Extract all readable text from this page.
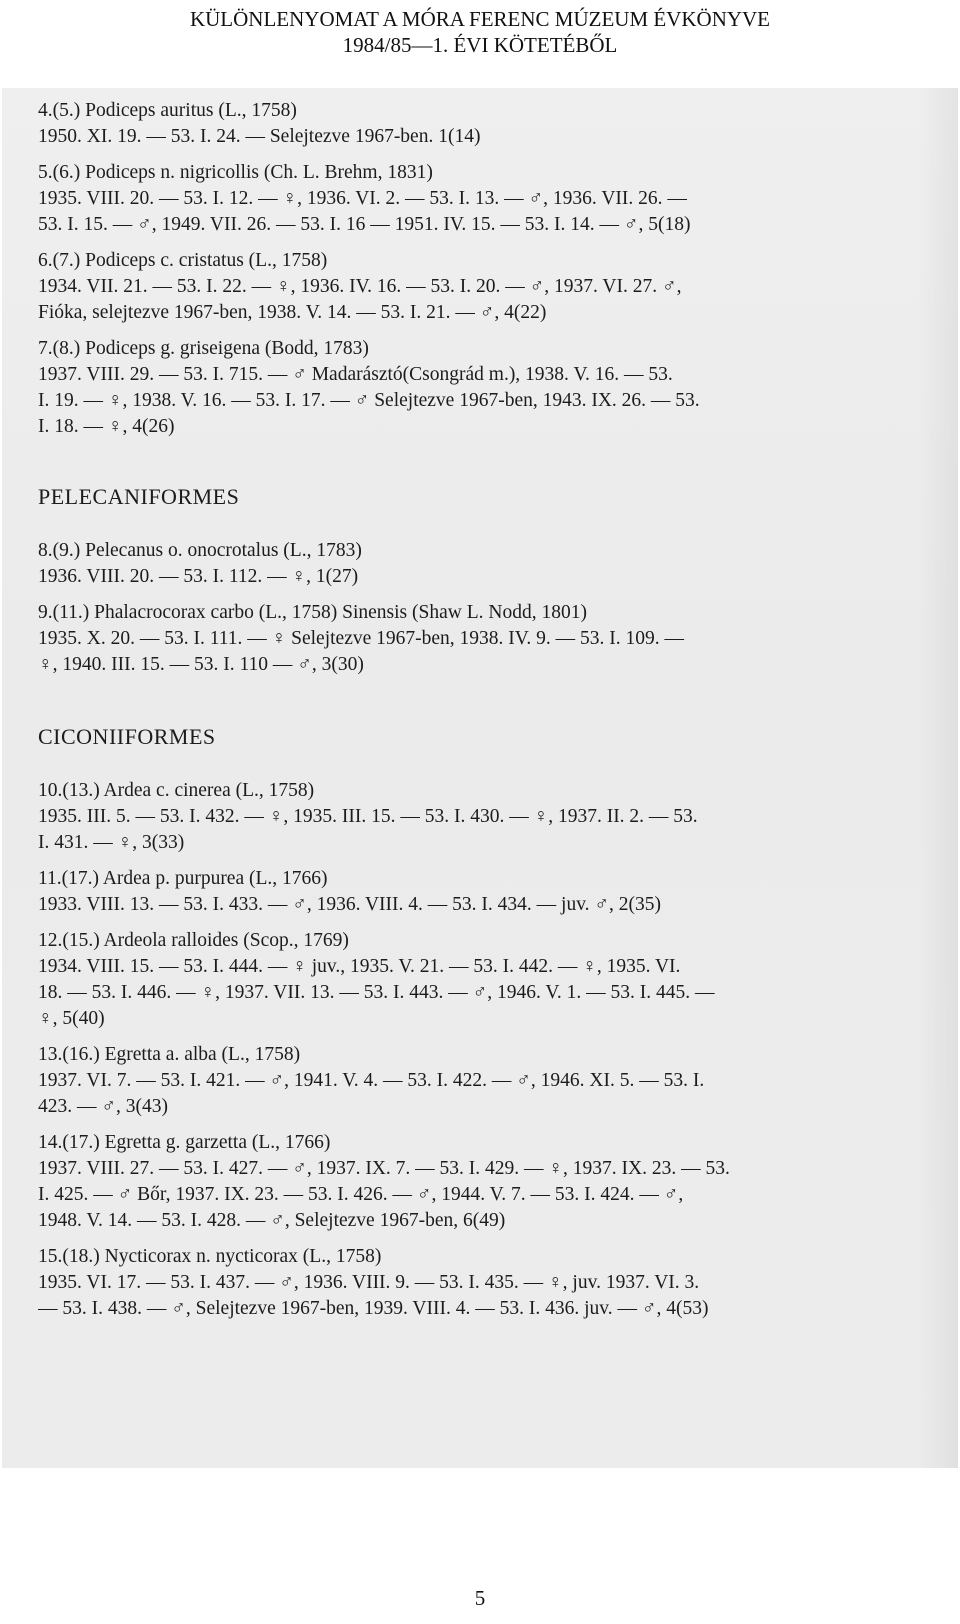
KÜLÖNLENYOMAT A MÓRA FERENC MÚZEUM ÉVKÖNYVE
1984/85—1. ÉVI KÖTETÉBŐL
4.(5.) Podiceps auritus (L., 1758)
1950. XI. 19. — 53. I. 24. — Selejtezve 1967-ben. 1(14)
5.(6.) Podiceps n. nigricollis (Ch. L. Brehm, 1831)
1935. VIII. 20. — 53. I. 12. — ♀, 1936. VI. 2. — 53. I. 13. — ♂, 1936. VII. 26. —
53. I. 15. — ♂, 1949. VII. 26. — 53. I. 16 — 1951. IV. 15. — 53. I. 14. — ♂, 5(18)
6.(7.) Podiceps c. cristatus (L., 1758)
1934. VII. 21. — 53. I. 22. — ♀, 1936. IV. 16. — 53. I. 20. — ♂, 1937. VI. 27. ♂,
Fióka, selejtezve 1967-ben, 1938. V. 14. — 53. I. 21. — ♂, 4(22)
7.(8.) Podiceps g. griseigena (Bodd, 1783)
1937. VIII. 29. — 53. I. 715. — ♂ Madarásztó(Csongrád m.), 1938. V. 16. — 53.
I. 19. — ♀, 1938. V. 16. — 53. I. 17. — ♂ Selejtezve 1967-ben, 1943. IX. 26. — 53.
I. 18. — ♀, 4(26)
PELECANIFORMES
8.(9.) Pelecanus o. onocrotalus (L., 1783)
1936. VIII. 20. — 53. I. 112. — ♀, 1(27)
9.(11.) Phalacrocorax carbo (L., 1758) Sinensis (Shaw L. Nodd, 1801)
1935. X. 20. — 53. I. 111. — ♀ Selejtezve 1967-ben, 1938. IV. 9. — 53. I. 109. —
♀, 1940. III. 15. — 53. I. 110 — ♂, 3(30)
CICONIIFORMES
10.(13.) Ardea c. cinerea (L., 1758)
1935. III. 5. — 53. I. 432. — ♀, 1935. III. 15. — 53. I. 430. — ♀, 1937. II. 2. — 53.
I. 431. — ♀, 3(33)
11.(17.) Ardea p. purpurea (L., 1766)
1933. VIII. 13. — 53. I. 433. — ♂, 1936. VIII. 4. — 53. I. 434. — juv. ♂, 2(35)
12.(15.) Ardeola ralloides (Scop., 1769)
1934. VIII. 15. — 53. I. 444. — ♀ juv., 1935. V. 21. — 53. I. 442. — ♀, 1935. VI.
18. — 53. I. 446. — ♀, 1937. VII. 13. — 53. I. 443. — ♂, 1946. V. 1. — 53. I. 445. —
♀, 5(40)
13.(16.) Egretta a. alba (L., 1758)
1937. VI. 7. — 53. I. 421. — ♂, 1941. V. 4. — 53. I. 422. — ♂, 1946. XI. 5. — 53. I.
423. — ♂, 3(43)
14.(17.) Egretta g. garzetta (L., 1766)
1937. VIII. 27. — 53. I. 427. — ♂, 1937. IX. 7. — 53. I. 429. — ♀, 1937. IX. 23. — 53.
I. 425. — ♂ Bőr, 1937. IX. 23. — 53. I. 426. — ♂, 1944. V. 7. — 53. I. 424. — ♂,
1948. V. 14. — 53. I. 428. — ♂, Selejtezve 1967-ben, 6(49)
15.(18.) Nycticorax n. nycticorax (L., 1758)
1935. VI. 17. — 53. I. 437. — ♂, 1936. VIII. 9. — 53. I. 435. — ♀, juv. 1937. VI. 3.
— 53. I. 438. — ♂, Selejtezve 1967-ben, 1939. VIII. 4. — 53. I. 436. juv. — ♂, 4(53)
5
